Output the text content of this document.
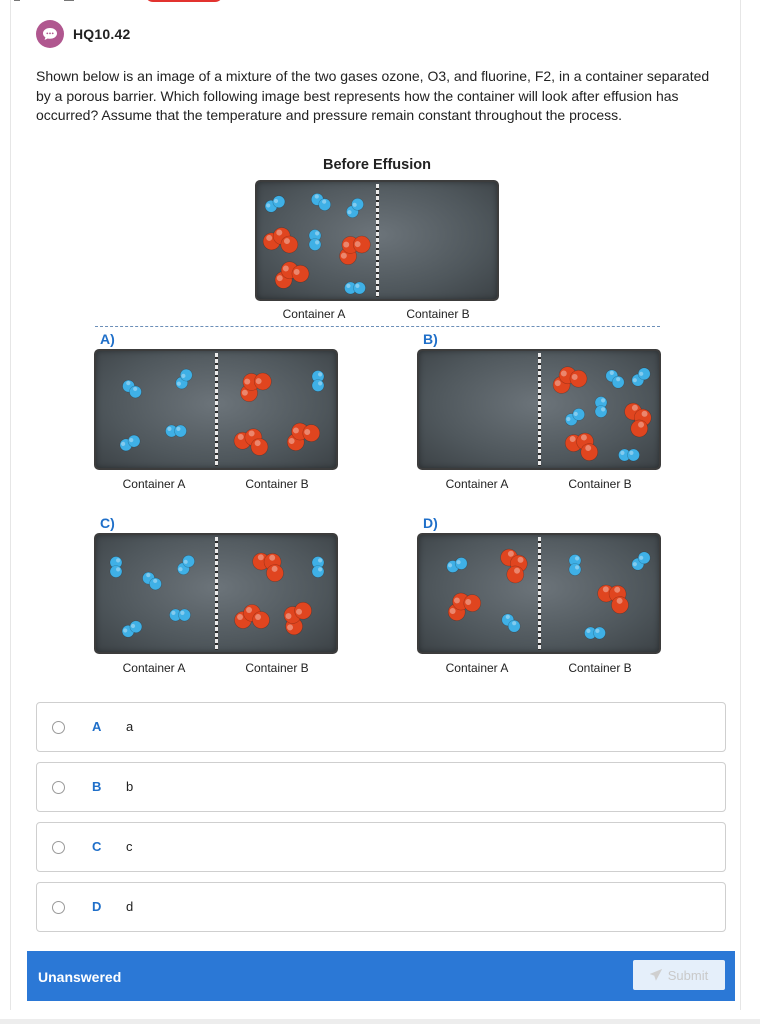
HQ10.42
Shown below is an image of a mixture of the two gases ozone, O3, and fluorine, F2, in a container separated by a porous barrier. Which following image best represents how the container will look after effusion has occurred? Assume that the temperature and pressure remain constant throughout the process.
Before Effusion
Container A	Container B
A)
Container A	Container B
B)
Container A	Container B
C)
Container A	Container B
D)
Container A	Container B
A a
B b
C c
D d
Unanswered	Submit
